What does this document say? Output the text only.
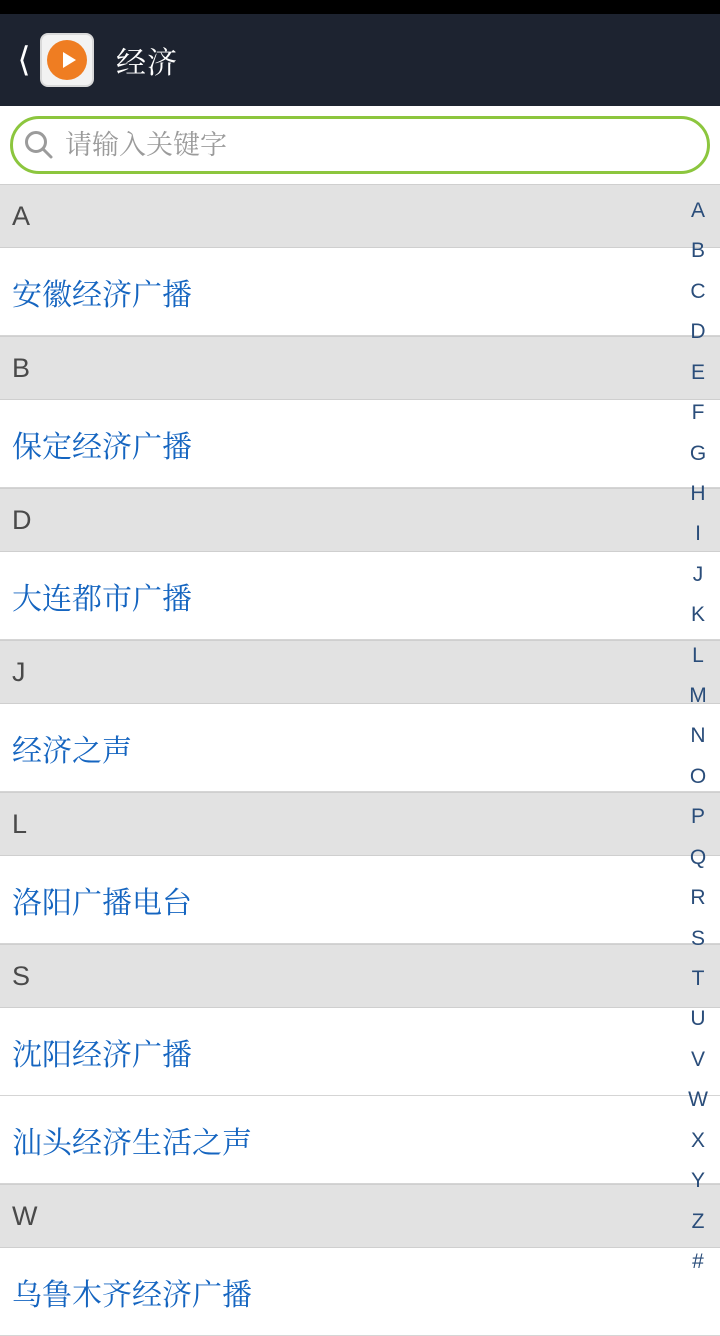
⟨	经济
请输入关键字
A
安徽经济广播
B
保定经济广播
D
大连都市广播
J
经济之声
L
洛阳广播电台
S
沈阳经济广播
汕头经济生活之声
W
乌鲁木齐经济广播
A
B
C
D
E
F
G
H
I
J
K
L
M
N
O
P
Q
R
S
T
U
V
W
X
Y
Z
#
